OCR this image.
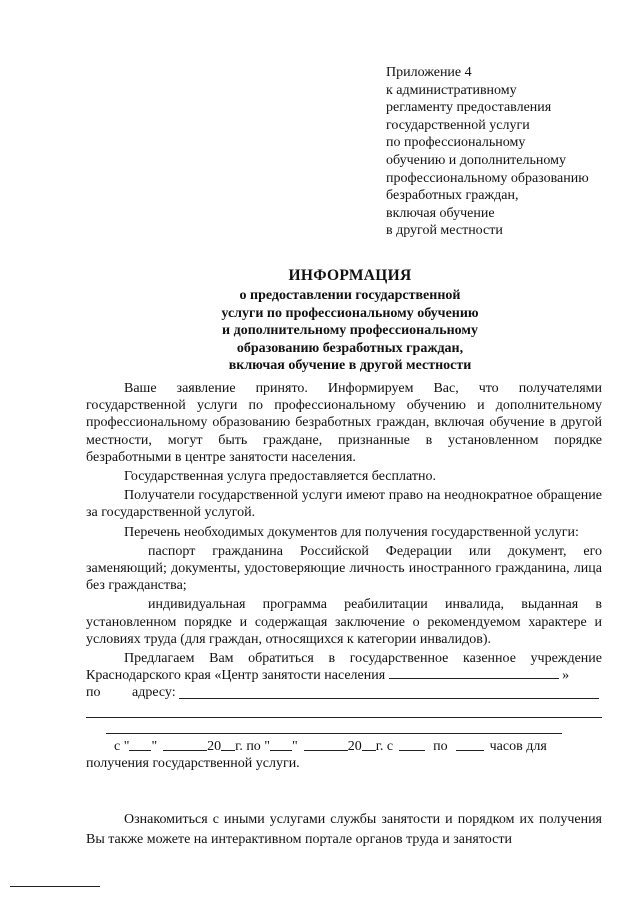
Приложение 4
к административному
регламенту предоставления
государственной услуги
по профессиональному
обучению и дополнительному
профессиональному образованию
безработных граждан,
включая обучение
в другой местности
ИНФОРМАЦИЯ
о предоставлении государственной
услуги по профессиональному обучению
и дополнительному профессиональному
образованию безработных граждан,
включая обучение в другой местности
Ваше заявление принято. Информируем Вас, что получателями государственной услуги по профессиональному обучению и дополнительному профессиональному образованию безработных граждан, включая обучение в другой местности, могут быть граждане, признанные в установленном порядке безработными в центре занятости населения.
Государственная услуга предоставляется бесплатно.
Получатели государственной услуги имеют право на неоднократное обращение за государственной услугой.
Перечень необходимых документов для получения государственной услуги:
паспорт гражданина Российской Федерации или документ, его заменяющий; документы, удостоверяющие личность иностранного гражданина, лица без гражданства;
индивидуальная программа реабилитации инвалида, выданная в установленном порядке и содержащая заключение о рекомендуемом характере и условиях труда (для граждан, относящихся к категории инвалидов).
Предлагаем Вам обратиться в государственное казенное учреждение Краснодарского края «Центр занятости населения	»
по адресу:
с " "	20 г. по " "	20 г. с	по	часов для
получения государственной услуги.
Ознакомиться с иными услугами службы занятости и порядком их получения Вы также можете на интерактивном портале органов труда и занятости
